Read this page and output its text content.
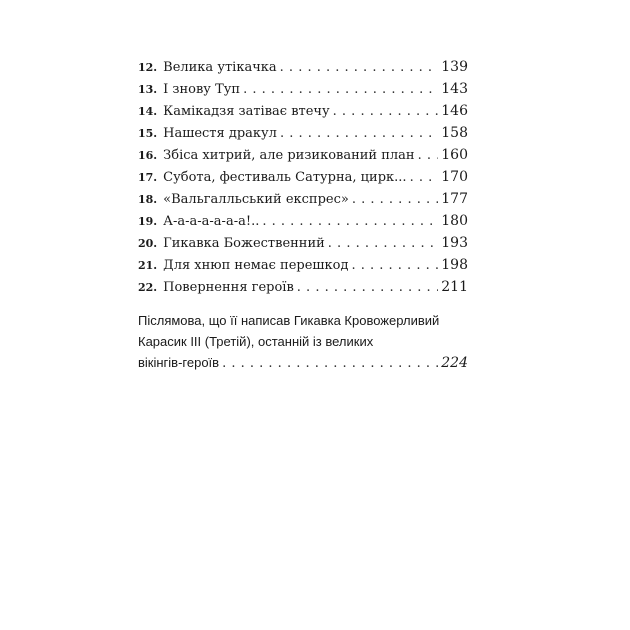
12. Велика утікачка . . .	139
13. І знову Туп . . .	143
14. Камікадзя затіває втечу . . .	146
15. Нашестя дракул . . .	158
16. Збіса хитрий, але ризикований план . . . 160
17. Субота, фестиваль Сатурна, цирк... . . . 170
18. «Вальгалльський експрес» . . .	177
19. А-а-а-а-а-а-а!.. . . .	180
20. Гикавка Божественний . . .	193
21. Для хнюп немає перешкод . . .	198
22. Повернення героїв . . .	211
Післямова, що її написав Гикавка Кровожерливий
Карасик ІІІ (Третій), останній із великих
вікінгів-героїв . . .	224
